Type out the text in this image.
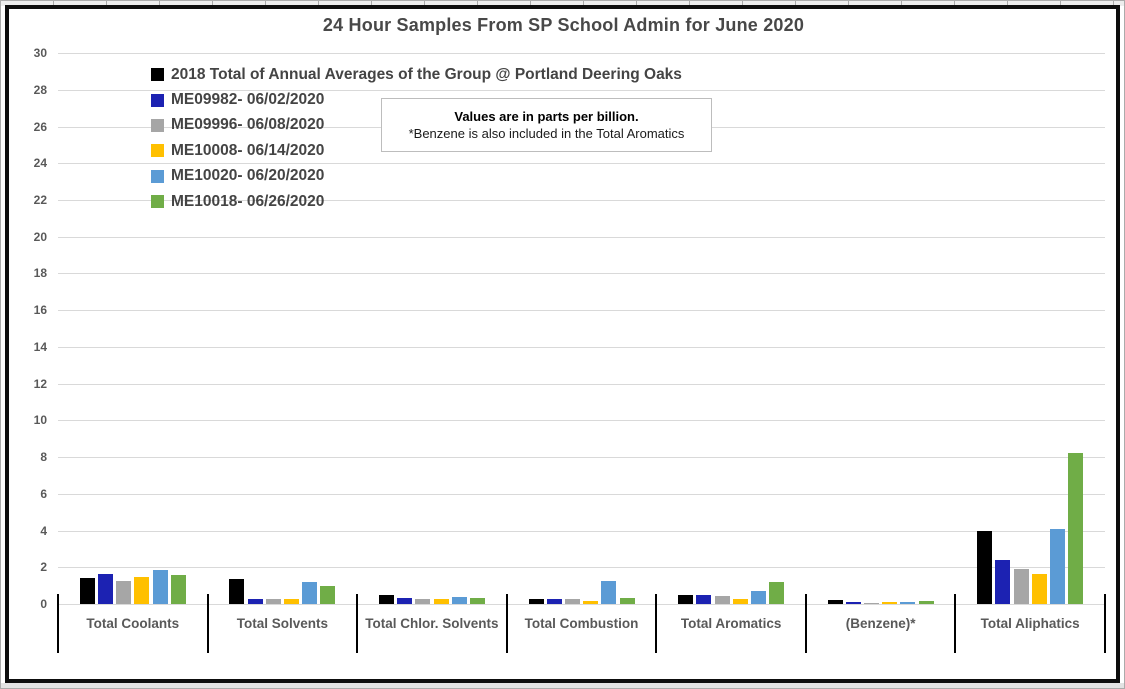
0
2
4
6
8
10
12
14
16
18
20
22
24
26
28
30
Total Coolants	Total Solvents	Total Chlor. Solvents	Total Combustion	Total Aromatics	(Benzene)*	Total Aliphatics
24 Hour Samples From SP School Admin for June 2020
2018 Total of Annual Averages of the Group @ Portland Deering Oaks
ME09982- 06/02/2020
ME09996- 06/08/2020
ME10008- 06/14/2020
ME10020- 06/20/2020
ME10018- 06/26/2020
Values are in parts per billion.
*Benzene is also included in the Total Aromatics
